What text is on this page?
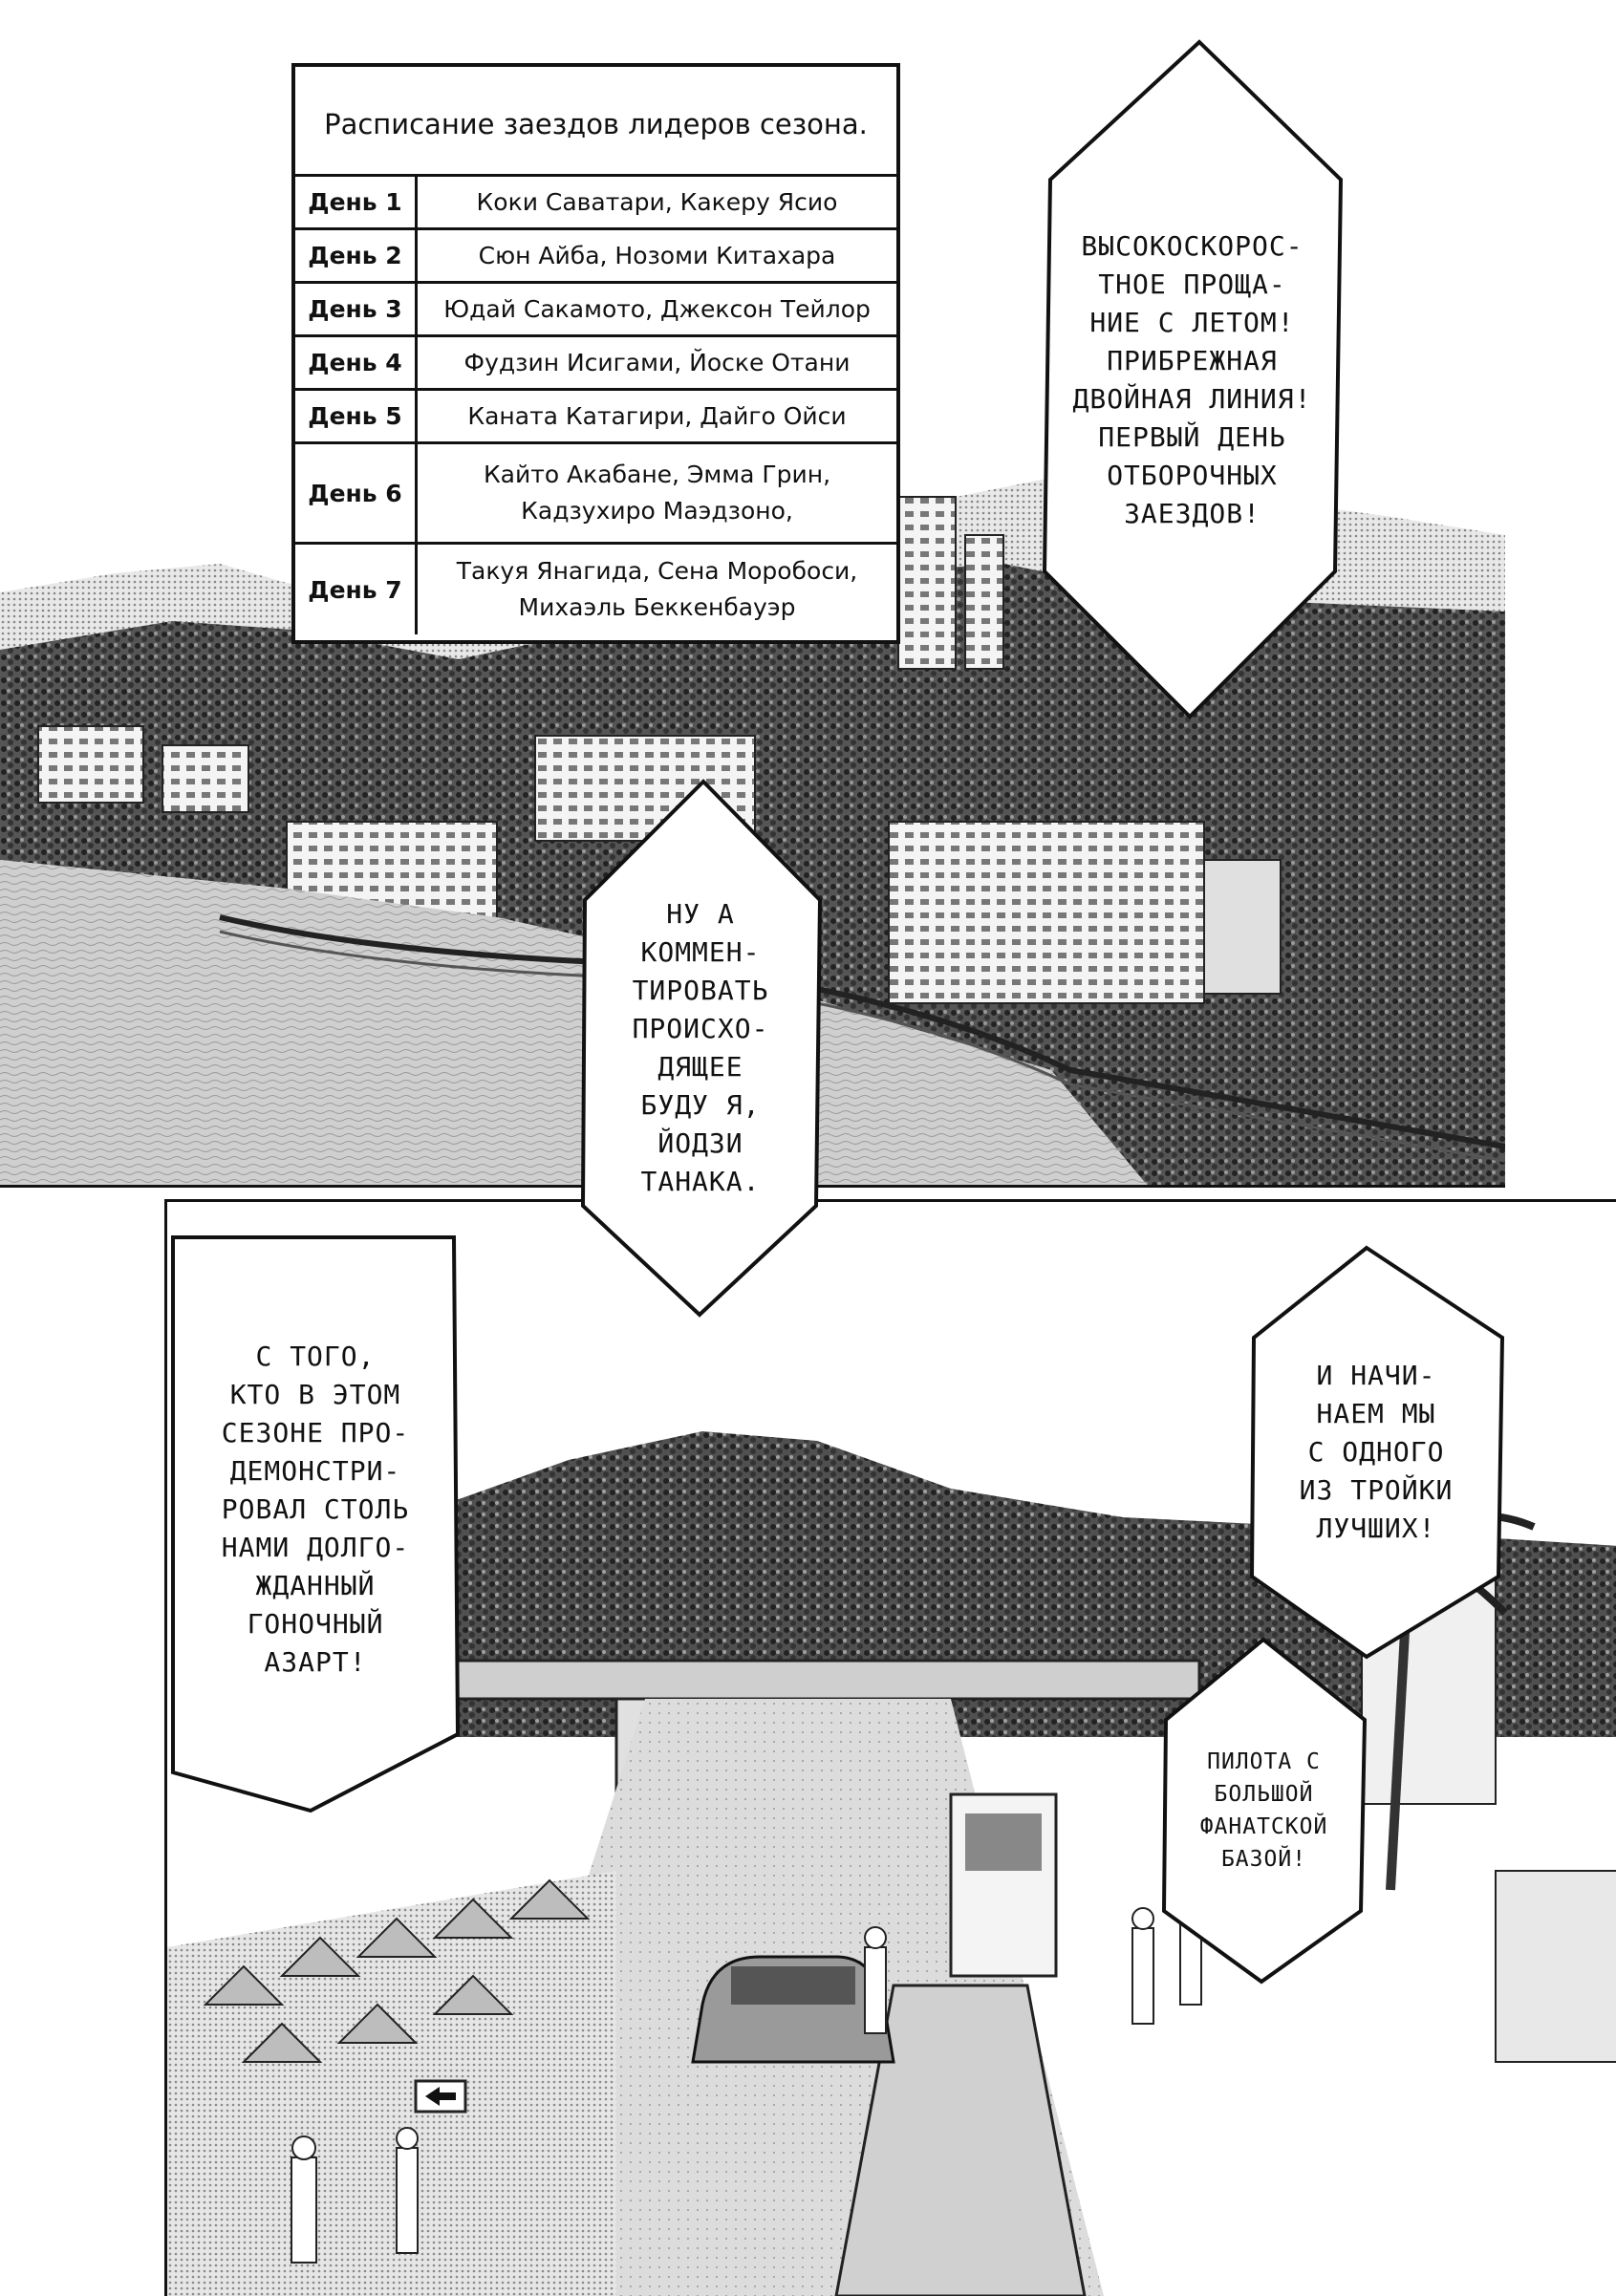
Расписание заездов лидеров сезона.
День 1	Коки Саватари, Какеру Ясио

День 2	Сюн Айба, Нозоми Китахара

День 3	Юдай Сакамото, Джексон Тейлор

День 4	Фудзин Исигами, Йоске Отани

День 5	Каната Катагири, Дайго Ойси

День 6	Кайто Акабане, Эмма Грин,
Кадзухиро Маэдзоно,

День 7	Такуя Янагида, Сена Моробоси,
Михаэль Беккенбауэр
ВЫСОКОСКОРОС-
ТНОЕ ПРОЩА-
НИЕ С ЛЕТОМ!
ПРИБРЕЖНАЯ
ДВОЙНАЯ ЛИНИЯ!
ПЕРВЫЙ ДЕНЬ
ОТБОРОЧНЫХ
ЗАЕЗДОВ!
НУ А
КОММЕН-
ТИРОВАТЬ
ПРОИСХО-
ДЯЩЕЕ
БУДУ Я,
ЙОДЗИ
ТАНАКА.
С ТОГО,
КТО В ЭТОМ
СЕЗОНЕ ПРО-
ДЕМОНСТРИ-
РОВАЛ СТОЛЬ
НАМИ ДОЛГО-
ЖДАННЫЙ
ГОНОЧНЫЙ
АЗАРТ!
И НАЧИ-
НАЕМ МЫ
С ОДНОГО
ИЗ ТРОЙКИ
ЛУЧШИХ!
ПИЛОТА С
БОЛЬШОЙ
ФАНАТСКОЙ
БАЗОЙ!
